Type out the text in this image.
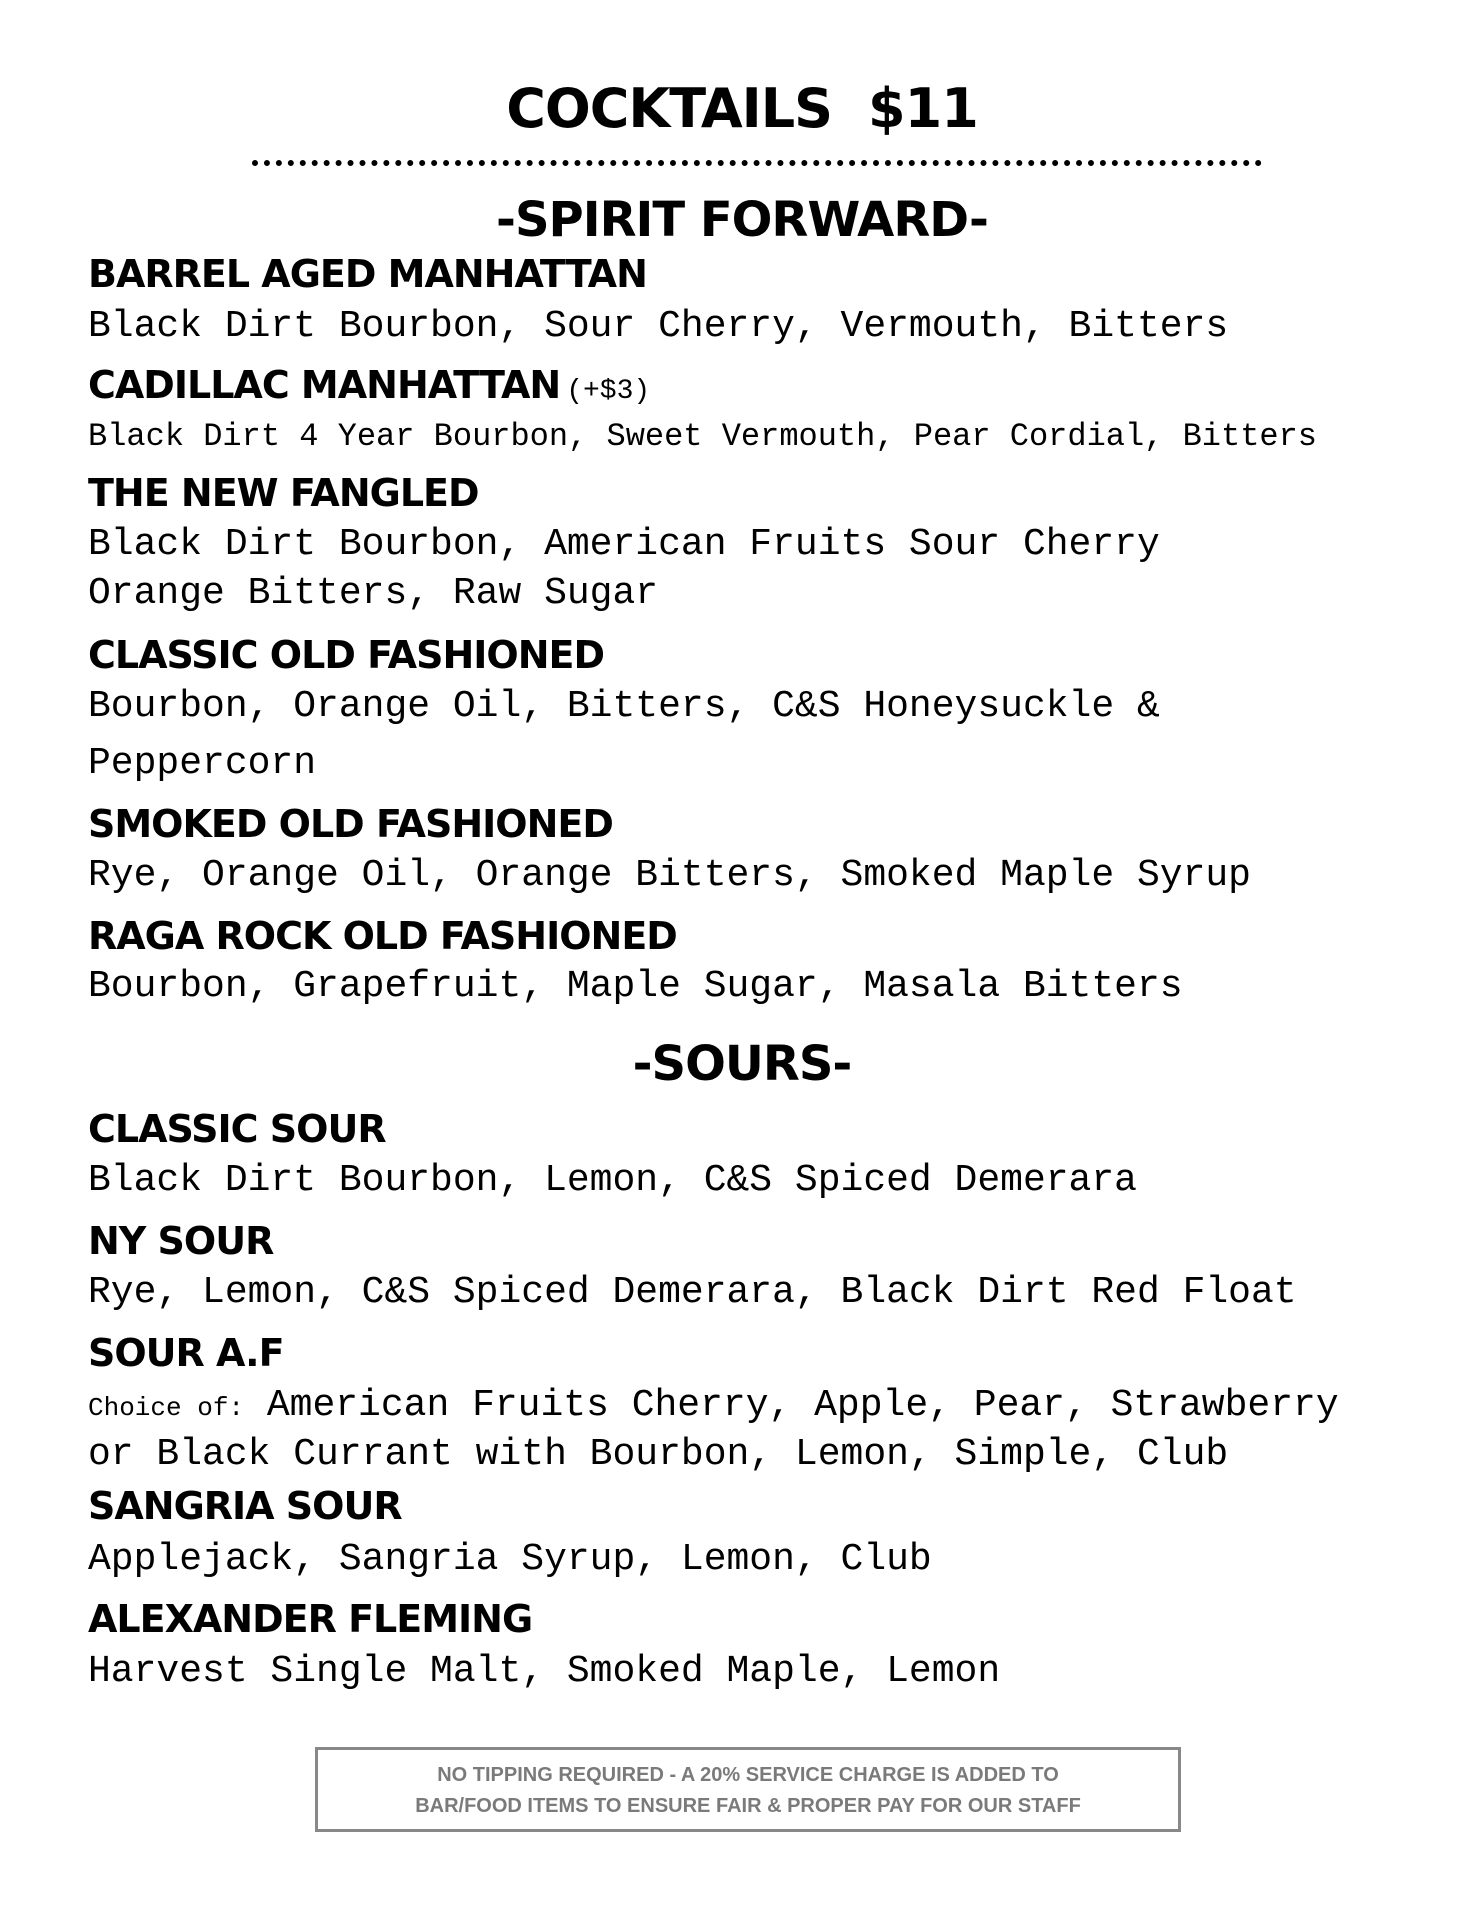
COCKTAILS $11
-SPIRIT FORWARD-
BARREL AGED MANHATTAN
Black Dirt Bourbon, Sour Cherry, Vermouth, Bitters
CADILLAC MANHATTAN (+$3)
Black Dirt 4 Year Bourbon, Sweet Vermouth, Pear Cordial, Bitters
THE NEW FANGLED
Black Dirt Bourbon, American Fruits Sour Cherry
Orange Bitters, Raw Sugar
CLASSIC OLD FASHIONED
Bourbon, Orange Oil, Bitters, C&S Honeysuckle &
Peppercorn
SMOKED OLD FASHIONED
Rye, Orange Oil, Orange Bitters, Smoked Maple Syrup
RAGA ROCK OLD FASHIONED
Bourbon, Grapefruit, Maple Sugar, Masala Bitters
-SOURS-
CLASSIC SOUR
Black Dirt Bourbon, Lemon, C&S Spiced Demerara
NY SOUR
Rye, Lemon, C&S Spiced Demerara, Black Dirt Red Float
SOUR A.F
Choice of: American Fruits Cherry, Apple, Pear, Strawberry
or Black Currant with Bourbon, Lemon, Simple, Club
SANGRIA SOUR
Applejack, Sangria Syrup, Lemon, Club
ALEXANDER FLEMING
Harvest Single Malt, Smoked Maple, Lemon
NO TIPPING REQUIRED - A 20% SERVICE CHARGE IS ADDED TO
BAR/FOOD ITEMS TO ENSURE FAIR & PROPER PAY FOR OUR STAFF
